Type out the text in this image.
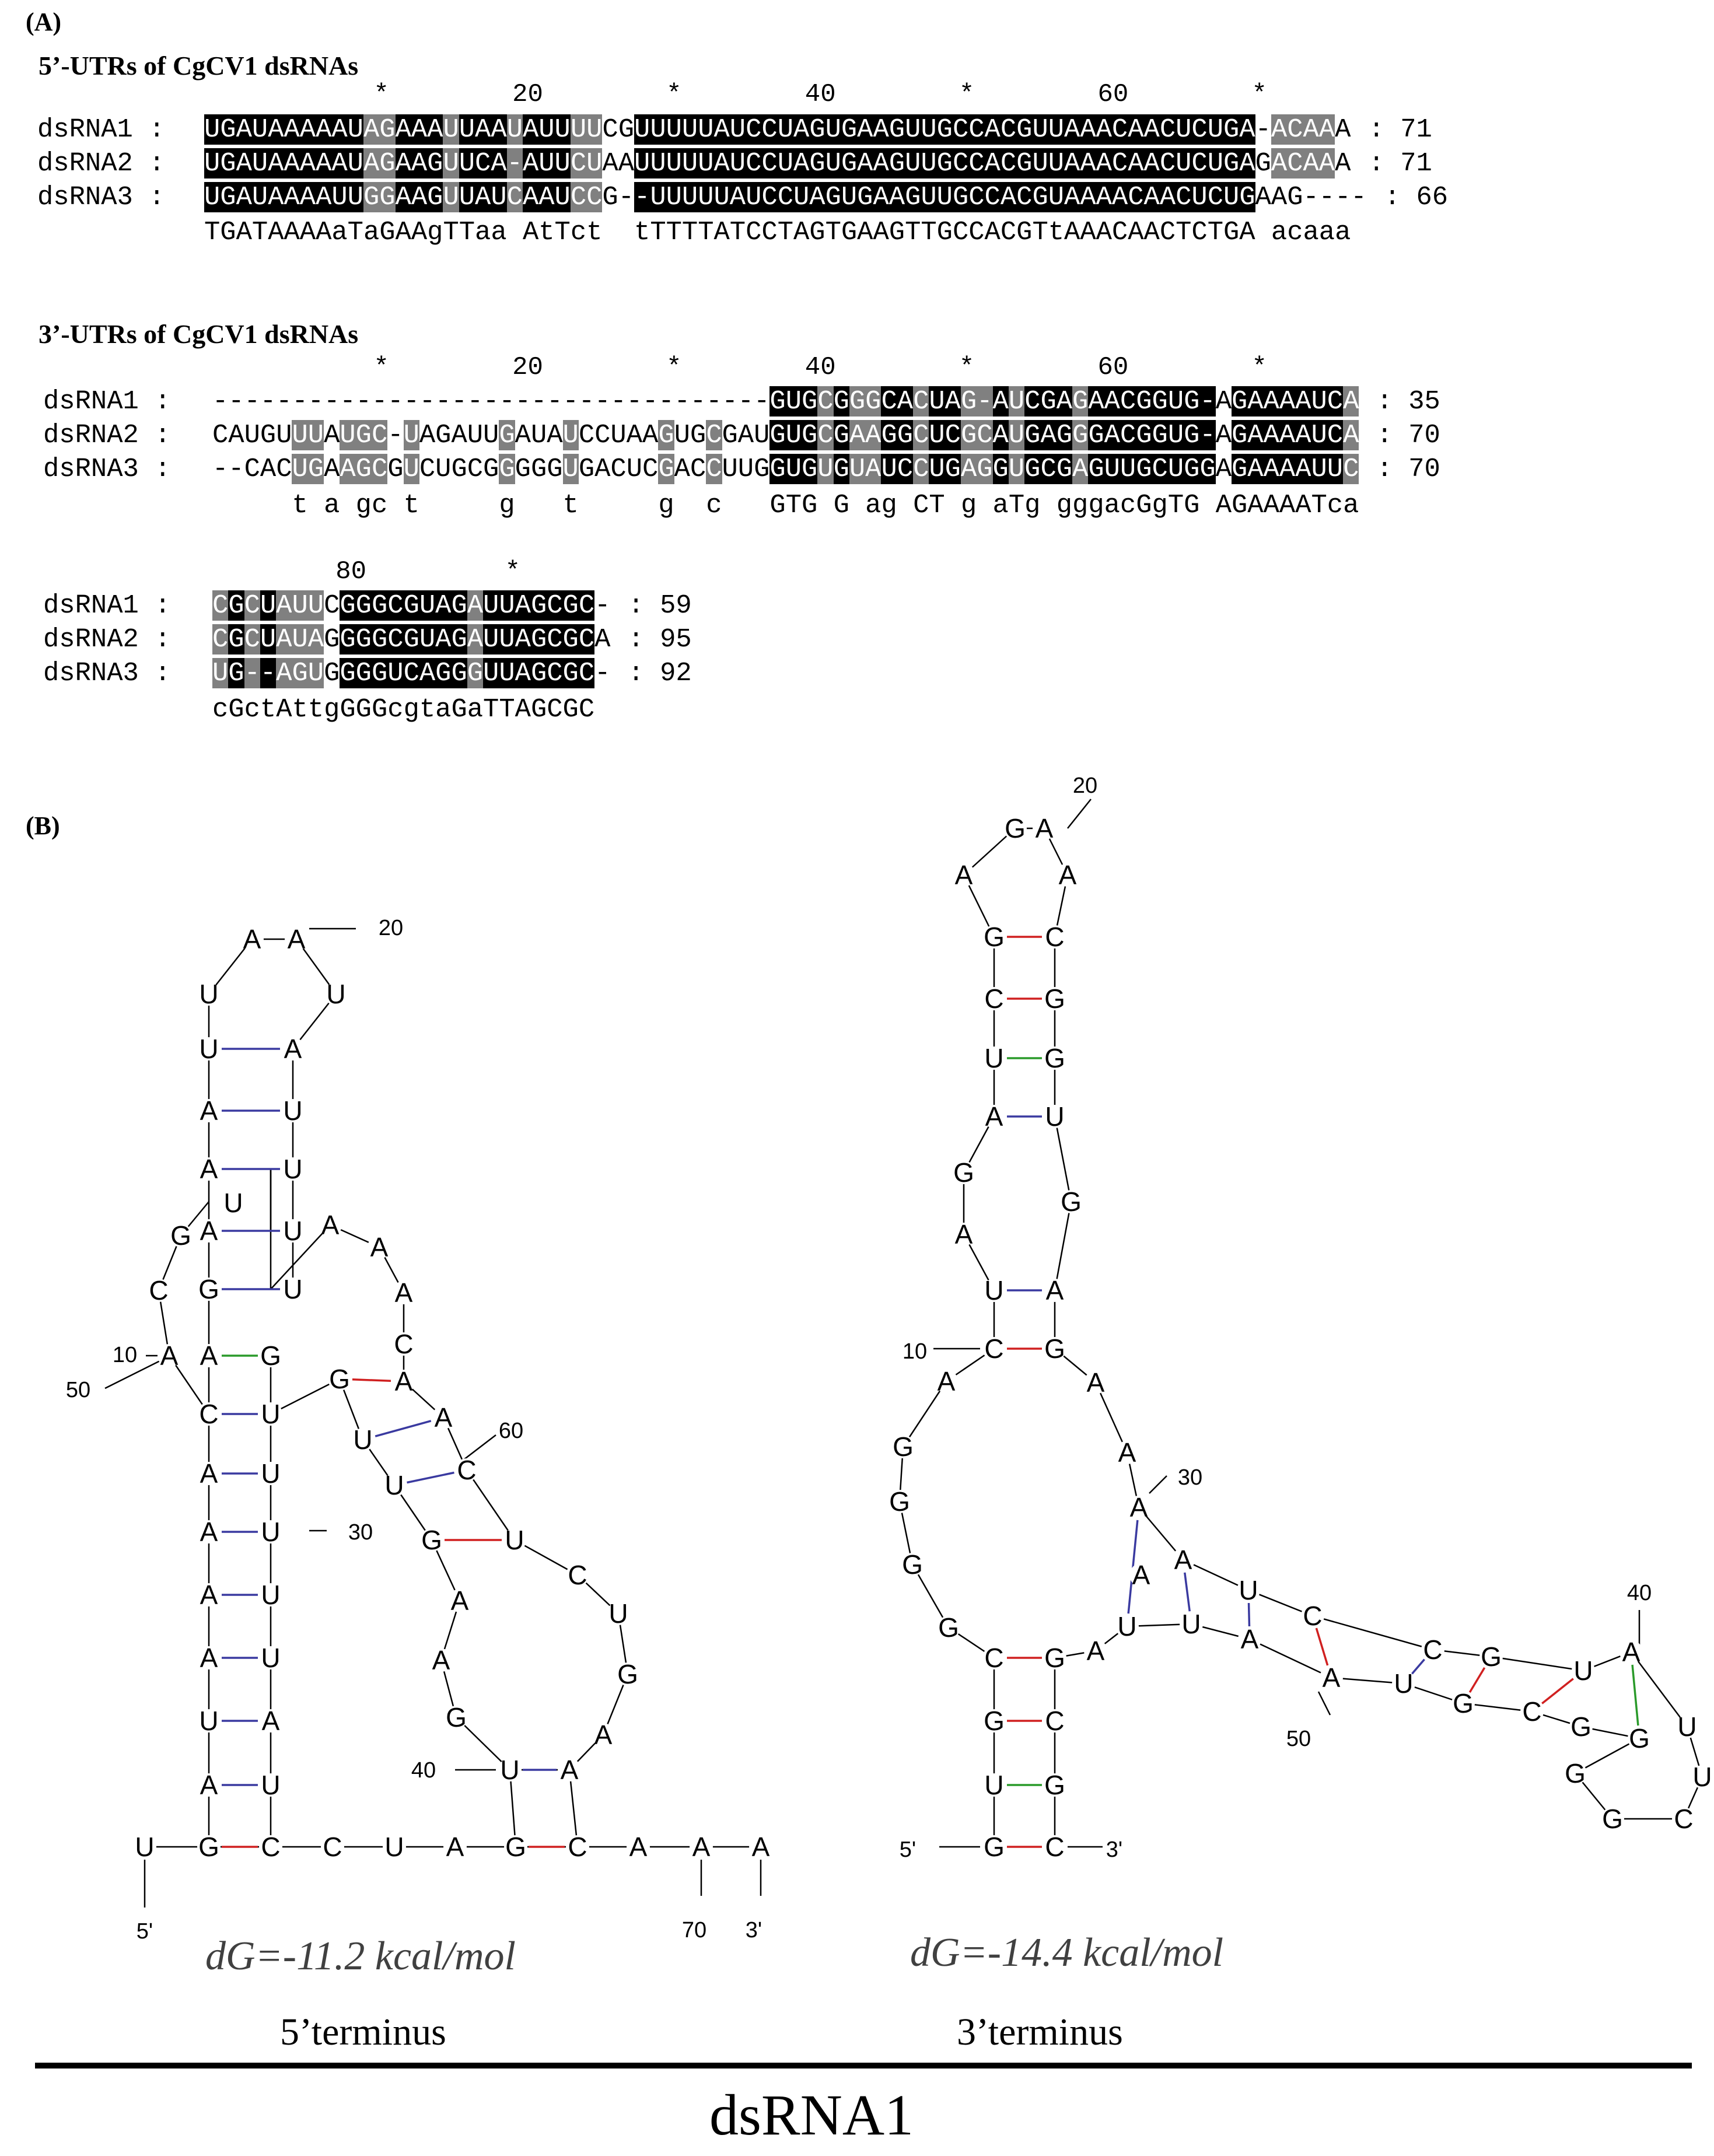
(A)
5’-UTRs of CgCV1 dsRNAs
*        20        *        40        *        60        *
dsRNA1 : UGAUAAAAAUAGAAAUUAAUAUUUUCGUUUUUAUCCUAGUGAAGUUGCCACGUUAAACAACUCUGA-ACAAA : 71
dsRNA2 : UGAUAAAAAUAGAAGUUCA-AUUCUAAUUUUUAUCCUAGUGAAGUUGCCACGUUAAACAACUCUGAGACAAA : 71
dsRNA3 : UGAUAAAAUUGGAAGUUAUCAAUCCG--UUUUUAUCCUAGUGAAGUUGCCACGUAAAACAACUCUGAAG---- : 66
TGATAAAAaTaGAAgTTaa AtTct tTTTTATCCTAGTGAAGTTGCCACGTtAAACAACTCTGA acaaa
3’-UTRs of CgCV1 dsRNAs
*        20        *        40        *        60        *
dsRNA1 : -----------------------------------GUGCGGGCACUAG-AUCGAGAACGGUG-AGAAAAUCA : 35
dsRNA2 : CAUGUUUAUGC-UAGAUUGAUAUCCUAAGUGCGAUGUGCGAAGGCUCGCAUGAGGGACGGUG-AGAAAAUCA : 70
dsRNA3 : --CACUGAAGCGUCUGCGGGGGUGACUCGACCUUGGUGUGUAUCCUGAGGUGCGAGUUGCUGGAGAAAAUUC : 70
t a gc t	g t	g c GTG G ag CT g aTg gggacGgTG AGAAAATca
80         *
dsRNA1 : CGCUAUUCGGGCGUAGAUUAGCGC- : 59
dsRNA2 : CGCUAUAGGGGCGUAGAUUAGCGCA : 95
dsRNA3 : UG--AGUGGGGUCAGGGUUAGCGC- : 92
cGctAttgGGGcgtaGaTTAGCGC
(B)
U G C C U A G C A A A
A
U
A
A
A
A
C
A
U
A
U
U
U
U
U
G
G
A
A
A
U
U
A A
U
A
U
U
U
U
A
C
G
U
A
A
A
C
G A
U
A
U C
G U
A
C
A
U
G
G
U
A
A
G C
U G
G C
C G
G
G
G
G
A
C G
U A
A
G
G
A U
U G
C G
G C
A	A
G A
A
A
A
U
A A
U
C
C G	U
A
U A
A U
G C G G U
U
C
G
G
A
5'	70 3'
20
30
40
60
10
50
5'	3'
10
20
30
40
50
dG=-11.2 kcal/mol
5’terminus
dG=-14.4 kcal/mol
3’terminus
dsRNA1
